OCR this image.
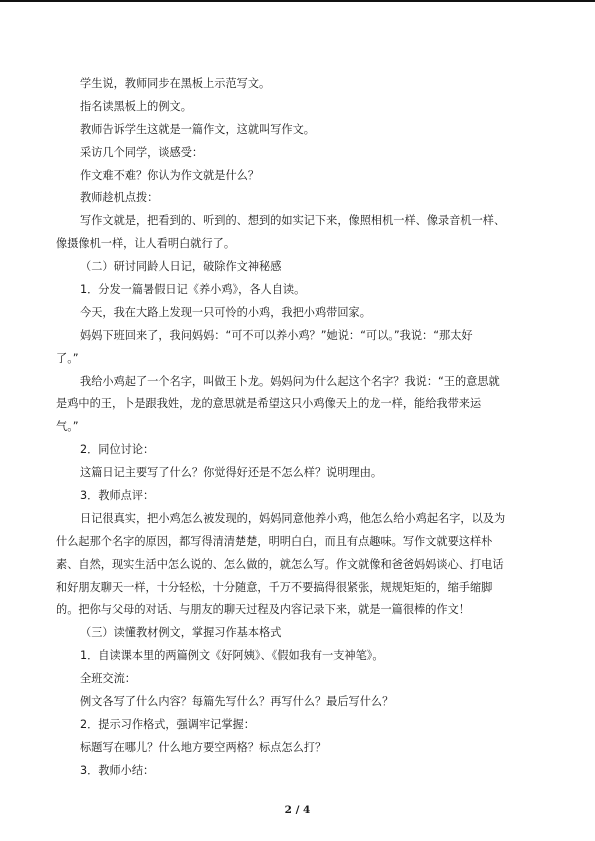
学生说，教师同步在黑板上示范写文。
指名读黑板上的例文。
教师告诉学生这就是一篇作文，这就叫写作文。
采访几个同学，谈感受：
作文难不难？你认为作文就是什么？
教师趁机点拨：
写作文就是，把看到的、听到的、想到的如实记下来，像照相机一样、像录音机一样、
像摄像机一样，让人看明白就行了。
（二）研讨同龄人日记，破除作文神秘感
1．分发一篇暑假日记《养小鸡》，各人自读。
今天，我在大路上发现一只可怜的小鸡，我把小鸡带回家。
妈妈下班回来了，我问妈妈：“可不可以养小鸡？”她说：“可以。”我说：“那太好
了。”
我给小鸡起了一个名字，叫做王卜龙。妈妈问为什么起这个名字？我说：“王的意思就
是鸡中的王，卜是跟我姓，龙的意思就是希望这只小鸡像天上的龙一样，能给我带来运
气。”
2．同位讨论：
这篇日记主要写了什么？你觉得好还是不怎么样？说明理由。
3．教师点评：
日记很真实，把小鸡怎么被发现的，妈妈同意他养小鸡，他怎么给小鸡起名字，以及为
什么起那个名字的原因，都写得清清楚楚，明明白白，而且有点趣味。写作文就要这样朴
素、自然，现实生活中怎么说的、怎么做的，就怎么写。作文就像和爸爸妈妈谈心、打电话
和好朋友聊天一样，十分轻松，十分随意，千万不要搞得很紧张，规规矩矩的，缩手缩脚
的。把你与父母的对话、与朋友的聊天过程及内容记录下来，就是一篇很棒的作文！
（三）读懂教材例文，掌握习作基本格式
1．自读课本里的两篇例文《好阿姨》、《假如我有一支神笔》。
全班交流：
例文各写了什么内容？每篇先写什么？再写什么？最后写什么？
2．提示习作格式，强调牢记掌握：
标题写在哪儿？什么地方要空两格？标点怎么打？
3．教师小结：
2 / 4
